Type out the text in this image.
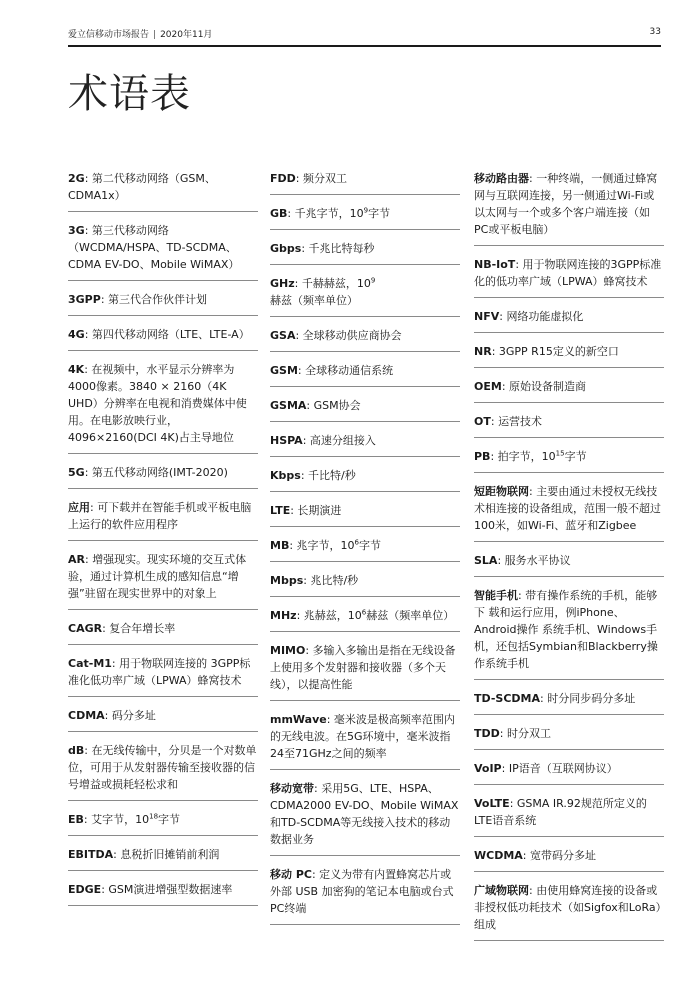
爱立信移动市场报告 | 2020年11月	33
术语表
2G: 第二代移动网络（GSM、CDMA1x）
3G: 第三代移动网络（WCDMA/HSPA、TD-SCDMA、CDMA EV-DO、Mobile WiMAX）
3GPP: 第三代合作伙伴计划
4G: 第四代移动网络（LTE、LTE-A）
4K: 在视频中，水平显示分辨率为4000像素。3840 × 2160（4K UHD）分辨率在电视和消费媒体中使用。在电影放映行业，4096×2160(DCI 4K)占主导地位
5G: 第五代移动网络(IMT-2020)
应用: 可下载并在智能手机或平板电脑上运行的软件应用程序
AR: 增强现实。现实环境的交互式体验，通过计算机生成的感知信息“增强”驻留在现实世界中的对象上
CAGR: 复合年增长率
Cat-M1: 用于物联网连接的 3GPP标准化低功率广域（LPWA）蜂窝技术
CDMA: 码分多址
dB: 在无线传输中，分贝是一个对数单位，可用于从发射器传输至接收器的信号增益或损耗轻松求和
EB: 艾字节，$10^{18}$字节
EBITDA: 息税折旧摊销前利润
EDGE: GSM演进增强型数据速率
FDD: 频分双工
GB: 千兆字节，$10^9$字节
Gbps: 千兆比特每秒
GHz: 千赫赫兹，$10^9$赫兹（频率单位）
GSA: 全球移动供应商协会
GSM: 全球移动通信系统
GSMA: GSM协会
HSPA: 高速分组接入
Kbps: 千比特/秒
LTE: 长期演进
MB: 兆字节，$10^6$字节
Mbps: 兆比特/秒
MHz: 兆赫兹，$10^6$赫兹（频率单位）
MIMO: 多输入多输出是指在无线设备上使用多个发射器和接收器（多个天线），以提高性能
mmWave: 毫米波是极高频率范围内的无线电波。在5G环境中，毫米波指24至71GHz之间的频率
移动宽带: 采用5G、LTE、HSPA、CDMA2000 EV-DO、Mobile WiMAX和TD-SCDMA等无线接入技术的移动数据业务
移动 PC: 定义为带有内置蜂窝芯片或外部 USB 加密狗的笔记本电脑或台式PC终端
移动路由器: 一种终端，一侧通过蜂窝网与互联网连接，另一侧通过Wi-Fi或以太网与一个或多个客户端连接（如PC或平板电脑）
NB-IoT: 用于物联网连接的3GPP标准化的低功率广域（LPWA）蜂窝技术
NFV: 网络功能虚拟化
NR: 3GPP R15定义的新空口
OEM: 原始设备制造商
OT: 运营技术
PB: 拍字节，$10^{15}$字节
短距物联网: 主要由通过未授权无线技术相连接的设备组成，范围一般不超过100米，如Wi-Fi、蓝牙和Zigbee
SLA: 服务水平协议
智能手机: 带有操作系统的手机，能够下 载和运行应用，例iPhone、Android操作 系统手机、Windows手机，还包括Symbian和Blackberry操作系统手机
TD-SCDMA: 时分同步码分多址
TDD: 时分双工
VoIP: IP语音（互联网协议）
VoLTE: GSMA IR.92规范所定义的LTE语音系统
WCDMA: 宽带码分多址
广域物联网: 由使用蜂窝连接的设备或非授权低功耗技术（如Sigfox和LoRa）组成
